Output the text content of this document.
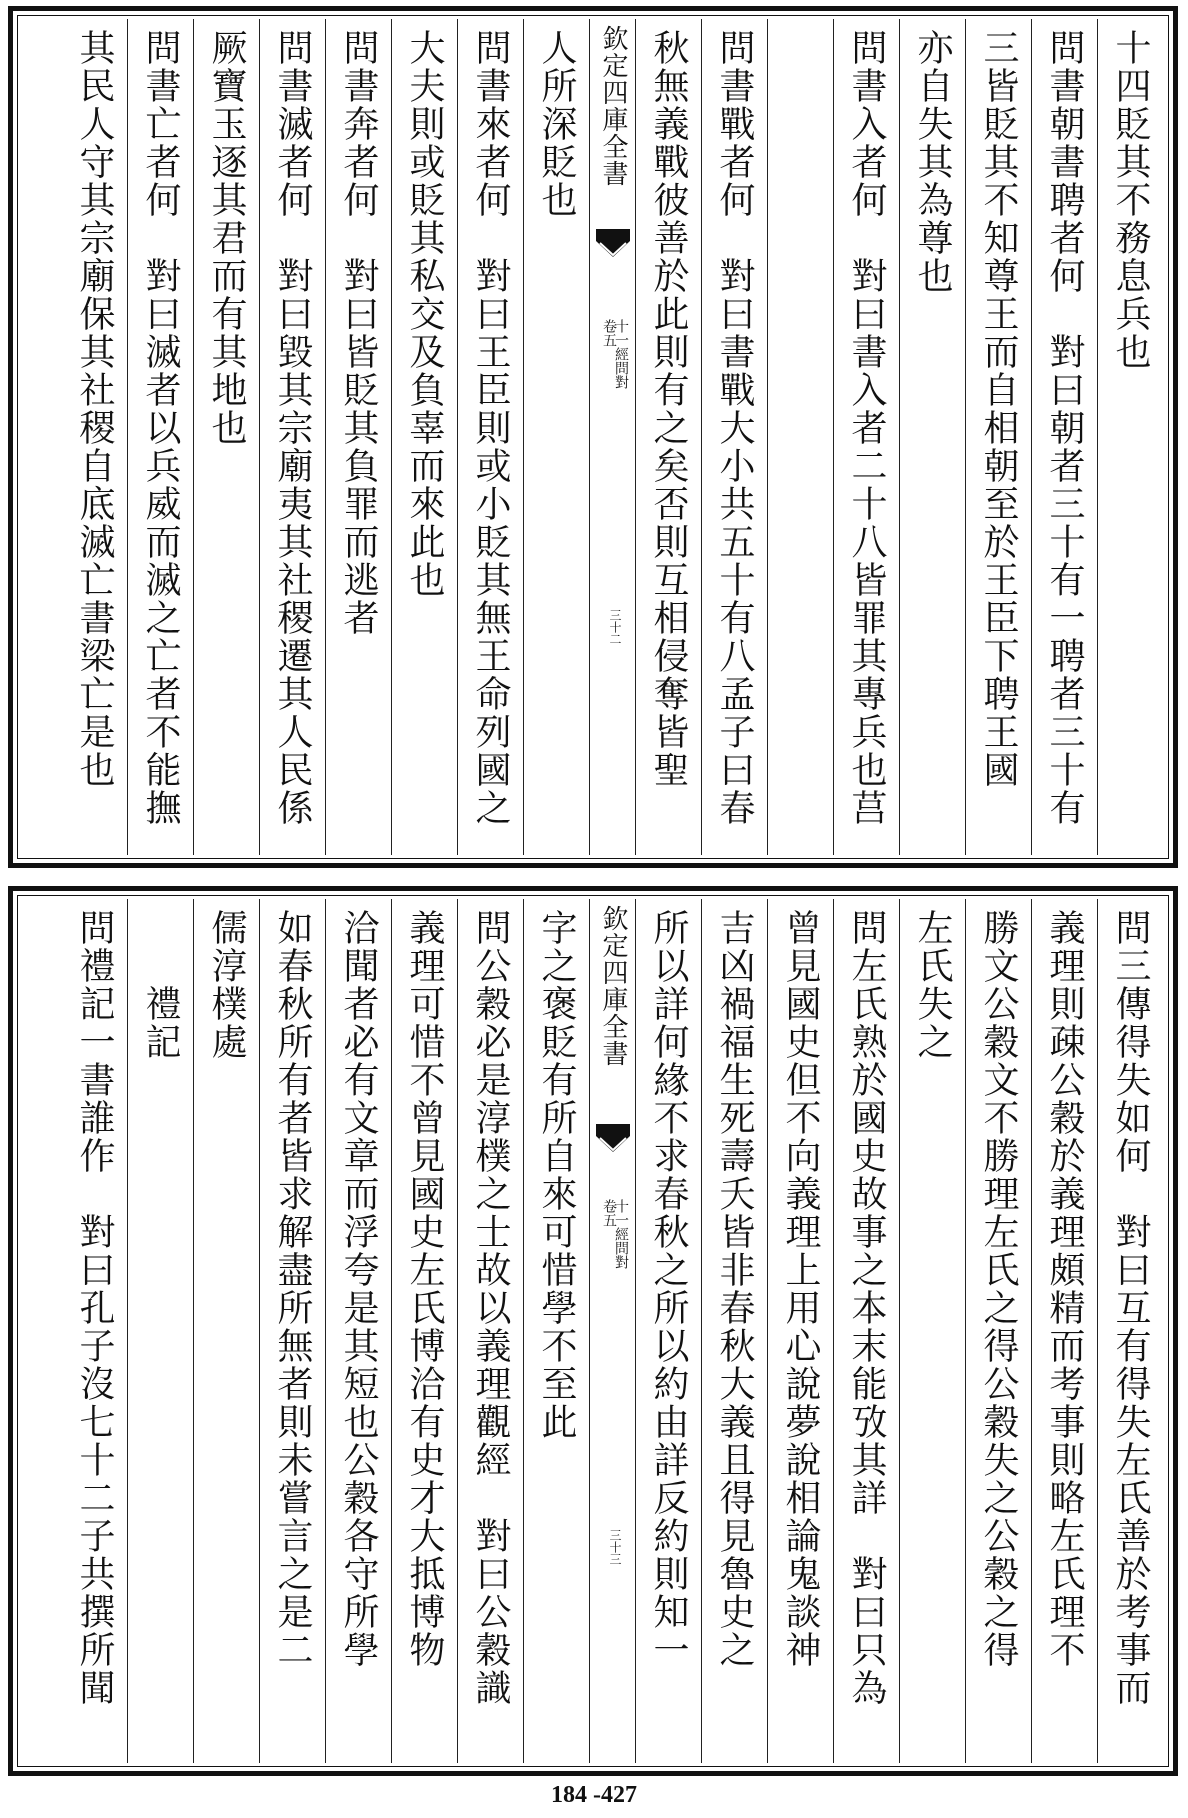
十四貶其不務息兵也
問書朝書聘者何　對曰朝者三十有一聘者三十有
三皆貶其不知尊王而自相朝至於王臣下聘王國
亦自失其為尊也
問書入者何　對曰書入者二十八皆罪其專兵也莒

問書戰者何　對曰書戰大小共五十有八孟子曰春
秋無義戰彼善於此則有之矣否則互相侵奪皆聖
欽定四庫全書
十一經問對
卷五
三十二
人所深貶也
問書來者何　對曰王臣則或小貶其無王命列國之
大夫則或貶其私交及負辜而來此也
問書奔者何　對曰皆貶其負罪而逃者
問書滅者何　對曰毀其宗廟夷其社稷遷其人民係
厥寶玉逐其君而有其地也
問書亡者何　對曰滅者以兵威而滅之亡者不能撫
其民人守其宗廟保其社稷自底滅亡書梁亡是也
問三傳得失如何　對曰互有得失左氏善於考事而
義理則疎公穀於義理頗精而考事則略左氏理不
勝文公穀文不勝理左氏之得公穀失之公穀之得
左氏失之
問左氏熟於國史故事之本末能攷其詳　對曰只為
曾見國史但不向義理上用心說夢說相論鬼談神
吉凶禍福生死壽夭皆非春秋大義且得見魯史之
所以詳何緣不求春秋之所以約由詳反約則知一
欽定四庫全書
十一經問對
卷五
三十三
字之褒貶有所自來可惜學不至此
問公穀必是淳樸之士故以義理觀經　對曰公穀識
義理可惜不曾見國史左氏博洽有史才大抵博物
洽聞者必有文章而浮夸是其短也公穀各守所學
如春秋所有者皆求解盡所無者則未嘗言之是二
儒淳樸處
　　禮記
問禮記一書誰作　對曰孔子沒七十二子共撰所聞
184 -427
